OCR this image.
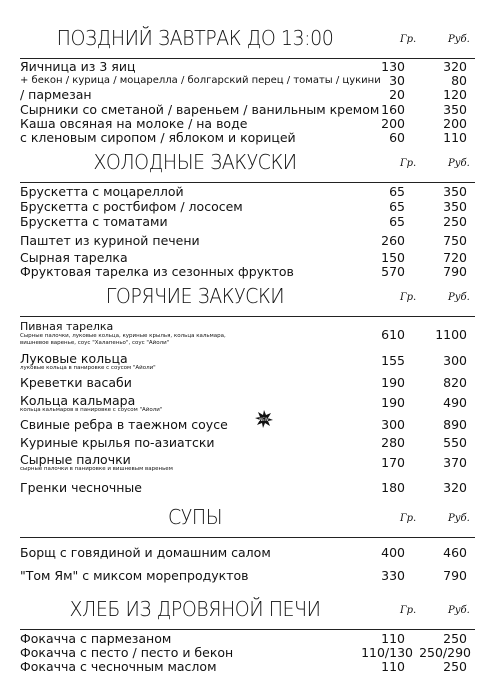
ПОЗДНИЙ ЗАВТРАК ДО 13:00	Гр.	Руб.
Яичница из 3 яиц	130	320
+ бекон / курица / моцарелла / болгарский перец / томаты / цукини 30	80
/ пармезан	20	120
Сырники со сметаной / вареньем / ванильным кремом 160	350
Каша овсяная на молоке / на воде	200	200
с кленовым сиропом / яблоком и корицей	60	110
ХОЛОДНЫЕ ЗАКУСКИ	Гр.	Руб.
Брускетта с моцареллой	65	350
Брускетта с ростбифом / лососем	65	350
Брускетта с томатами	65	250
Паштет из куриной печени	260	750
Сырная тарелка	150	720
Фруктовая тарелка из сезонных фруктов	570	790
ГОРЯЧИЕ ЗАКУСКИ	Гр.	Руб.
Пивная тарелка
Сырные палочки, луковые кольца, куриные крылья, кольца кальмара, вишневое варенье, соус "Халапеньо", соус "Айоли"
610 1100
Луковые кольца
луковые кольца в панировке с соусом "Айоли"	155	300
Креветки васаби	190	820
Кольца кальмара
кольца кальмаров в панировке с соусом "Айоли"	190	490
Свиные ребра в таежном соусе	300	890
NEW
Куриные крылья по-азиатски	280	550
Сырные палочки
сырные палочки в панировке и вишневым вареньем	170	370
Гренки чесночные	180	320
СУПЫ	Гр.	Руб.
Борщ с говядиной и домашним салом	400	460
"Том Ям" с миксом морепродуктов	330	790
ХЛЕБ ИЗ ДРОВЯНОЙ ПЕЧИ	Гр.	Руб.
Фокачча с пармезаном	110	250
Фокачча с песто / песто и бекон	110/130 250/290
Фокачча с чесночным маслом	110	250
